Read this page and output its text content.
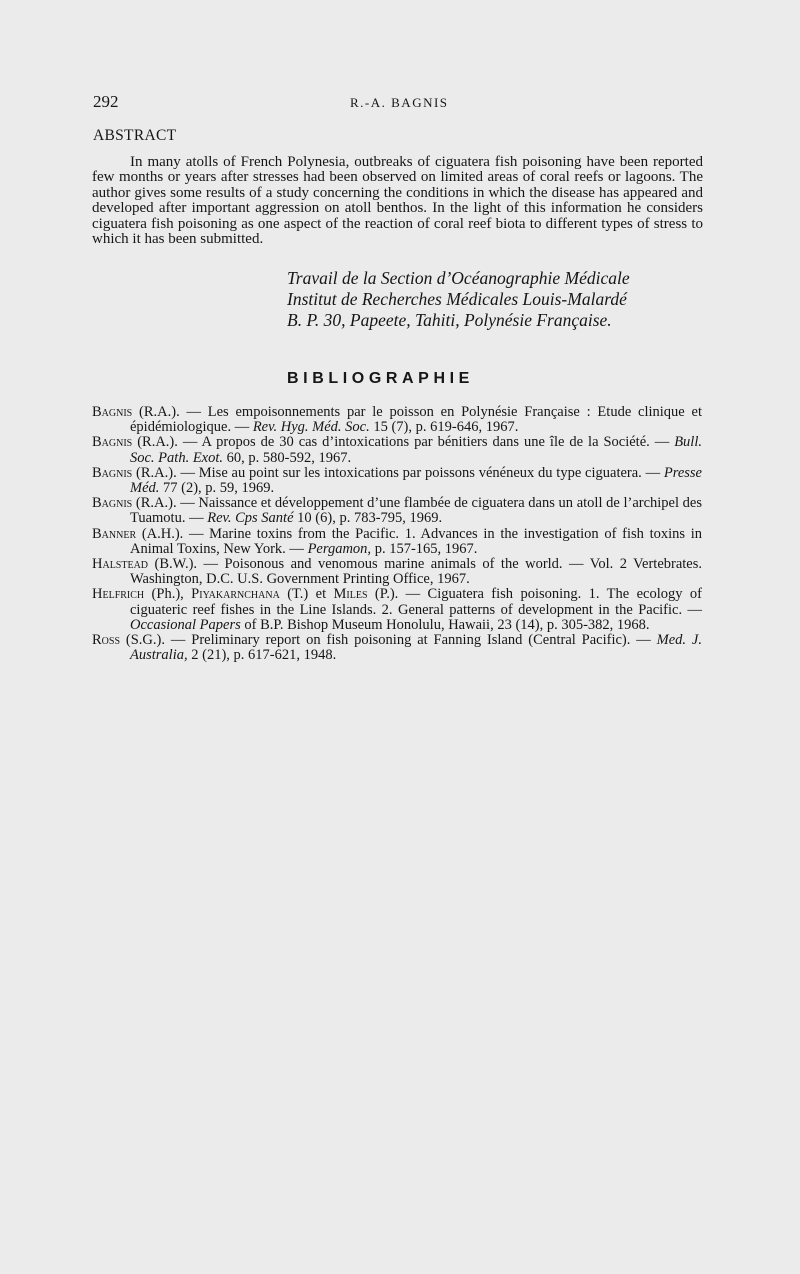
292	R.-A. BAGNIS
ABSTRACT

In many atolls of French Polynesia, outbreaks of ciguatera fish poisoning have been reported few months or years after stresses had been observed on limited areas of coral reefs or lagoons. The author gives some results of a study concerning the conditions in which the disease has appeared and developed after important aggression on atoll benthos. In the light of this information he considers ciguatera fish poisoning as one aspect of the reaction of coral reef biota to different types of stress to which it has been submitted.

Travail de la Section d’Océanographie Médicale
Institut de Recherches Médicales Louis-Malardé
B. P. 30, Papeete, Tahiti, Polynésie Française.
BIBLIOGRAPHIE
Bagnis (R.A.). — Les empoisonnements par le poisson en Polynésie Française : Etude clinique et épidémiologique. — Rev. Hyg. Méd. Soc. 15 (7), p. 619-646, 1967.
Bagnis (R.A.). — A propos de 30 cas d’intoxications par bénitiers dans une île de la Société. — Bull. Soc. Path. Exot. 60, p. 580-592, 1967.
Bagnis (R.A.). — Mise au point sur les intoxications par poissons vénéneux du type ciguatera. — Presse Méd. 77 (2), p. 59, 1969.
Bagnis (R.A.). — Naissance et développement d’une flambée de ciguatera dans un atoll de l’archipel des Tuamotu. — Rev. Cps Santé 10 (6), p. 783-795, 1969.
Banner (A.H.). — Marine toxins from the Pacific. 1. Advances in the investigation of fish toxins in Animal Toxins, New York. — Pergamon, p. 157-165, 1967.
Halstead (B.W.). — Poisonous and venomous marine animals of the world. — Vol. 2 Vertebrates. Washington, D.C. U.S. Government Printing Office, 1967.
Helfrich (Ph.), Piyakarnchana (T.) et Miles (P.). — Ciguatera fish poisoning. 1. The ecology of ciguateric reef fishes in the Line Islands. 2. General patterns of development in the Pacific. — Occasional Papers of B.P. Bishop Museum Honolulu, Hawaii, 23 (14), p. 305-382, 1968.
Ross (S.G.). — Preliminary report on fish poisoning at Fanning Island (Central Pacific). — Med. J. Australia, 2 (21), p. 617-621, 1948.
